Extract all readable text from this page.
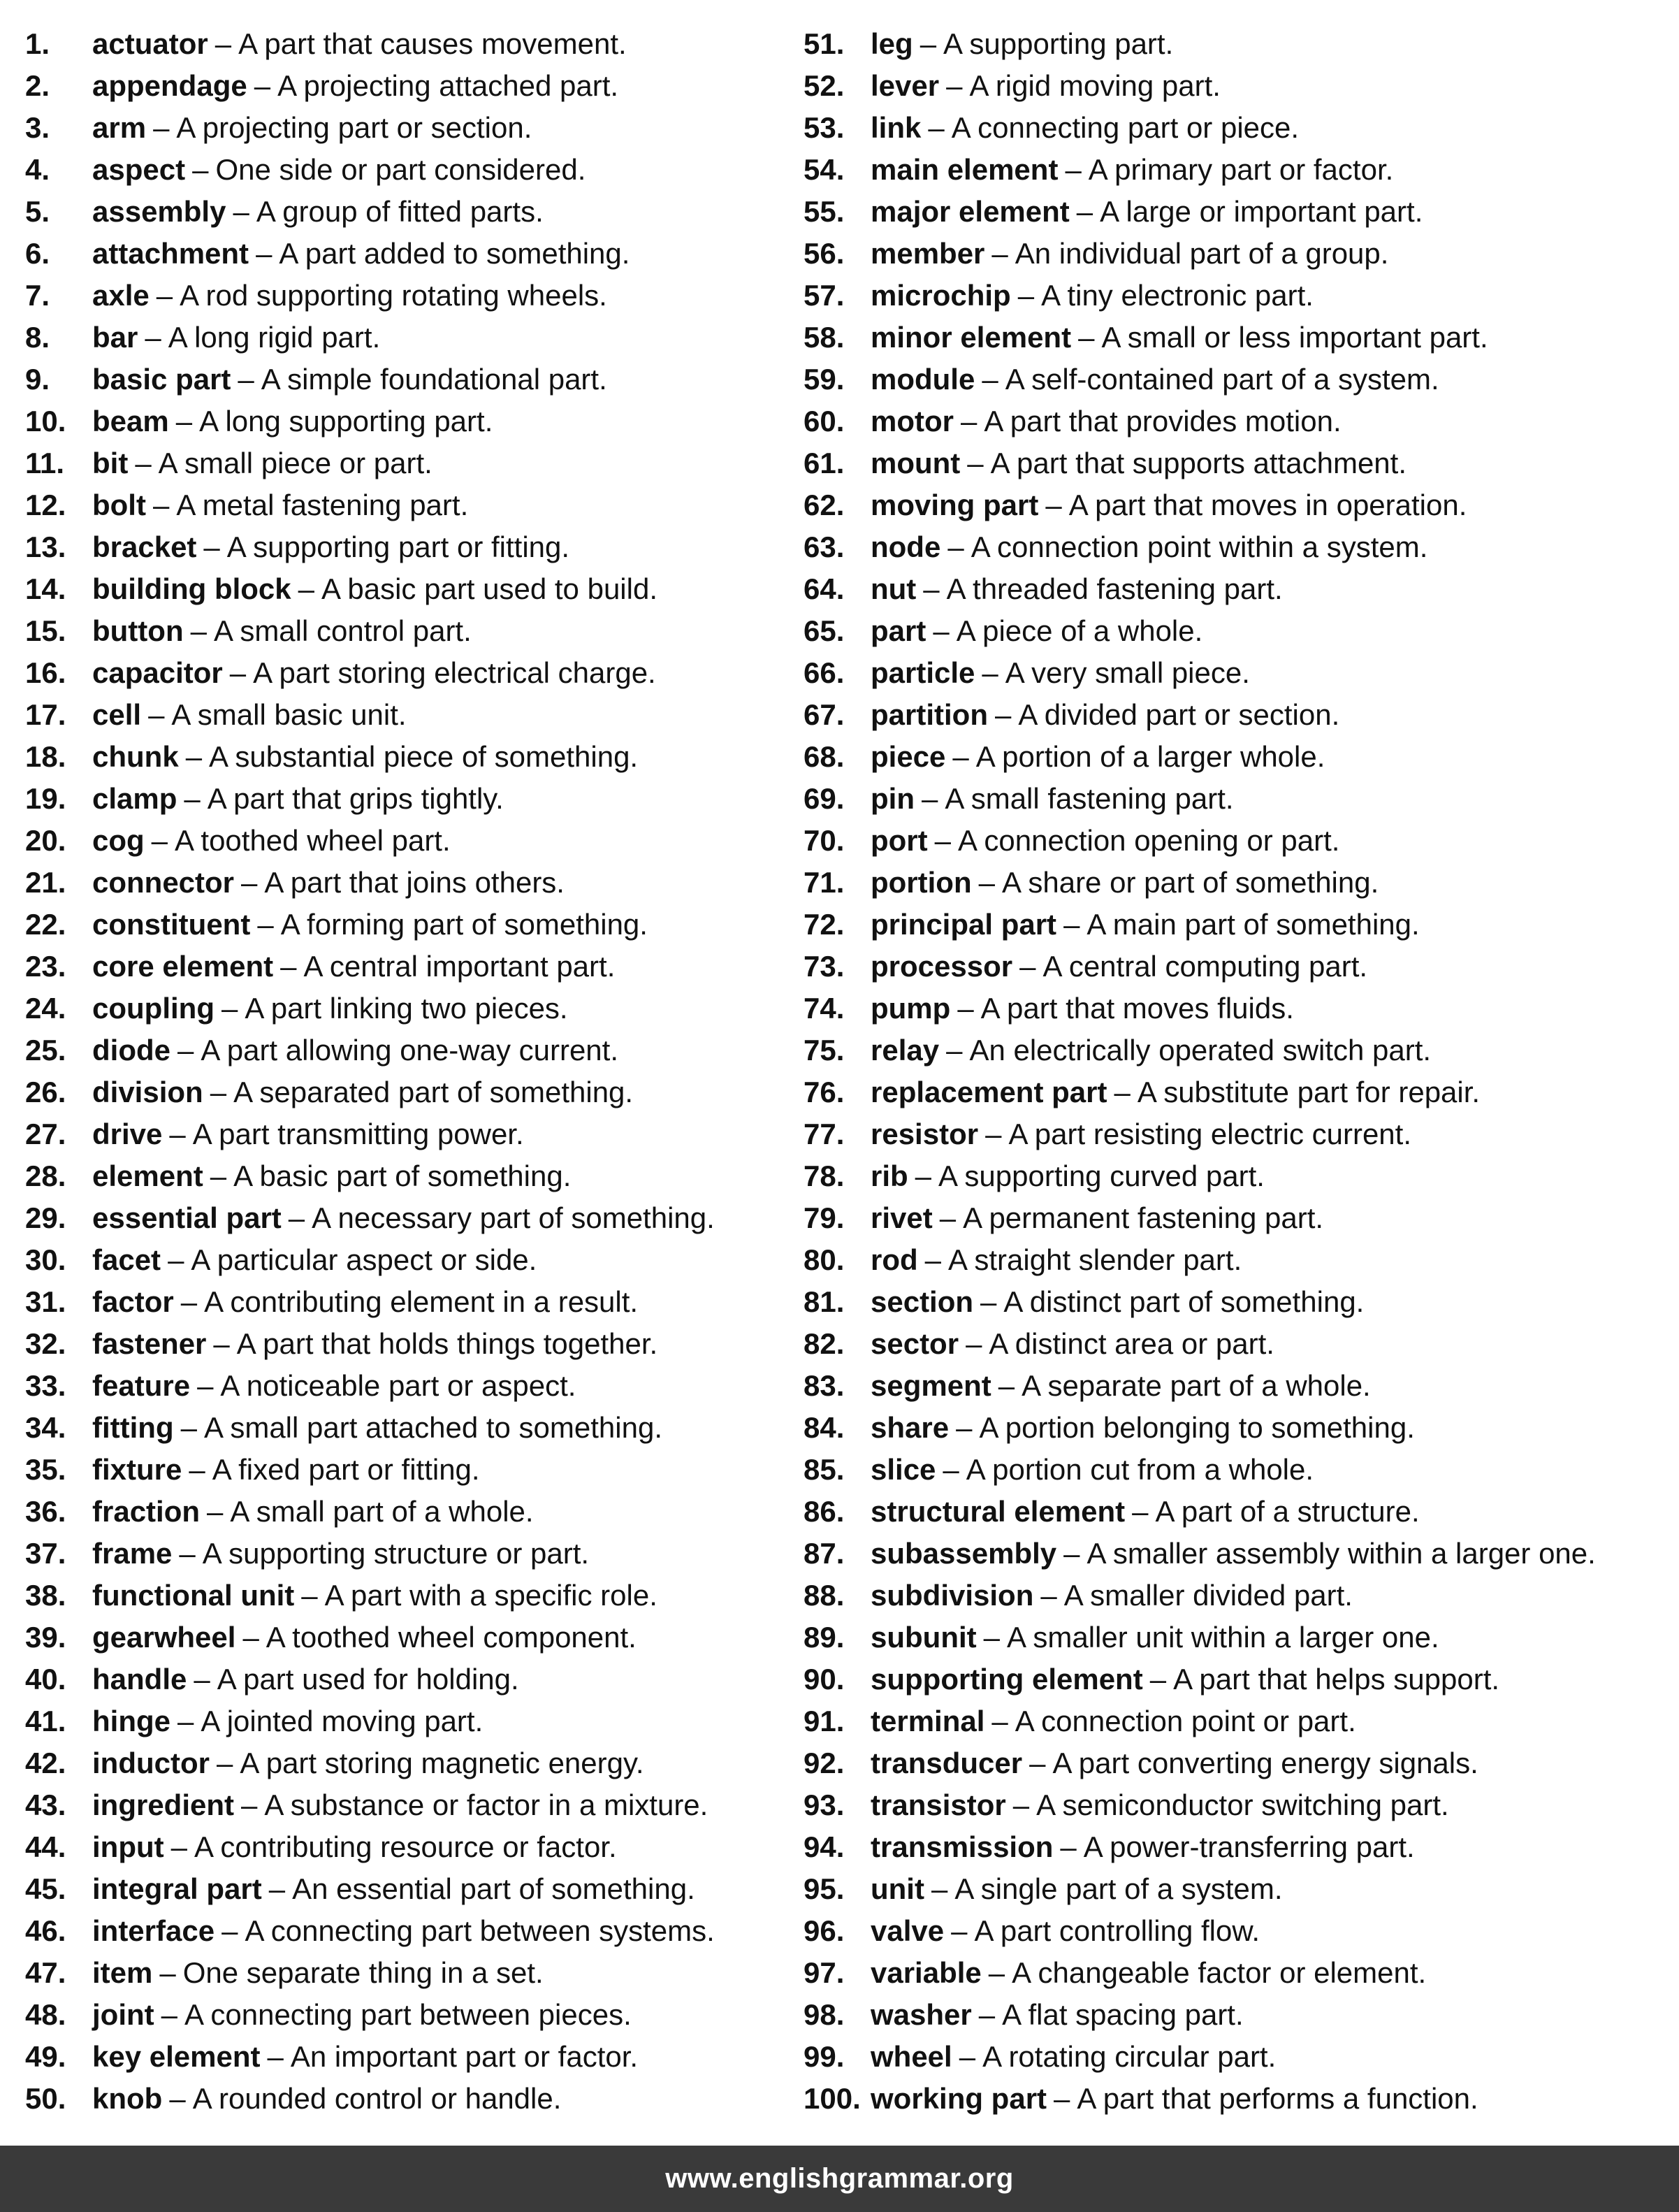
1.	actuator – A part that causes movement.
2.	appendage – A projecting attached part.
3.	arm – A projecting part or section.
4.	aspect – One side or part considered.
5.	assembly – A group of fitted parts.
6.	attachment – A part added to something.
7.	axle – A rod supporting rotating wheels.
8.	bar – A long rigid part.
9.	basic part – A simple foundational part.
10. beam – A long supporting part.
11. bit – A small piece or part.
12. bolt – A metal fastening part.
13. bracket – A supporting part or fitting.
14. building block – A basic part used to build.
15. button – A small control part.
16. capacitor – A part storing electrical charge.
17. cell – A small basic unit.
18. chunk – A substantial piece of something.
19. clamp – A part that grips tightly.
20. cog – A toothed wheel part.
21. connector – A part that joins others.
22. constituent – A forming part of something.
23. core element – A central important part.
24. coupling – A part linking two pieces.
25. diode – A part allowing one-way current.
26. division – A separated part of something.
27. drive – A part transmitting power.
28. element – A basic part of something.
29. essential part – A necessary part of something.
30. facet – A particular aspect or side.
31. factor – A contributing element in a result.
32. fastener – A part that holds things together.
33. feature – A noticeable part or aspect.
34. fitting – A small part attached to something.
35. fixture – A fixed part or fitting.
36. fraction – A small part of a whole.
37. frame – A supporting structure or part.
38. functional unit – A part with a specific role.
39. gearwheel – A toothed wheel component.
40. handle – A part used for holding.
41. hinge – A jointed moving part.
42. inductor – A part storing magnetic energy.
43. ingredient – A substance or factor in a mixture.
44. input – A contributing resource or factor.
45. integral part – An essential part of something.
46. interface – A connecting part between systems.
47. item – One separate thing in a set.
48. joint – A connecting part between pieces.
49. key element – An important part or factor.
50. knob – A rounded control or handle.
51. leg – A supporting part.
52. lever – A rigid moving part.
53. link – A connecting part or piece.
54. main element – A primary part or factor.
55. major element – A large or important part.
56. member – An individual part of a group.
57. microchip – A tiny electronic part.
58. minor element – A small or less important part.
59. module – A self-contained part of a system.
60. motor – A part that provides motion.
61. mount – A part that supports attachment.
62. moving part – A part that moves in operation.
63. node – A connection point within a system.
64. nut – A threaded fastening part.
65. part – A piece of a whole.
66. particle – A very small piece.
67. partition – A divided part or section.
68. piece – A portion of a larger whole.
69. pin – A small fastening part.
70. port – A connection opening or part.
71. portion – A share or part of something.
72. principal part – A main part of something.
73. processor – A central computing part.
74. pump – A part that moves fluids.
75. relay – An electrically operated switch part.
76. replacement part – A substitute part for repair.
77. resistor – A part resisting electric current.
78. rib – A supporting curved part.
79. rivet – A permanent fastening part.
80. rod – A straight slender part.
81. section – A distinct part of something.
82. sector – A distinct area or part.
83. segment – A separate part of a whole.
84. share – A portion belonging to something.
85. slice – A portion cut from a whole.
86. structural element – A part of a structure.
87. subassembly – A smaller assembly within a larger one.
88. subdivision – A smaller divided part.
89. subunit – A smaller unit within a larger one.
90. supporting element – A part that helps support.
91. terminal – A connection point or part.
92. transducer – A part converting energy signals.
93. transistor – A semiconductor switching part.
94. transmission – A power-transferring part.
95. unit – A single part of a system.
96. valve – A part controlling flow.
97. variable – A changeable factor or element.
98. washer – A flat spacing part.
99. wheel – A rotating circular part.
100. working part – A part that performs a function.
www.englishgrammar.org
